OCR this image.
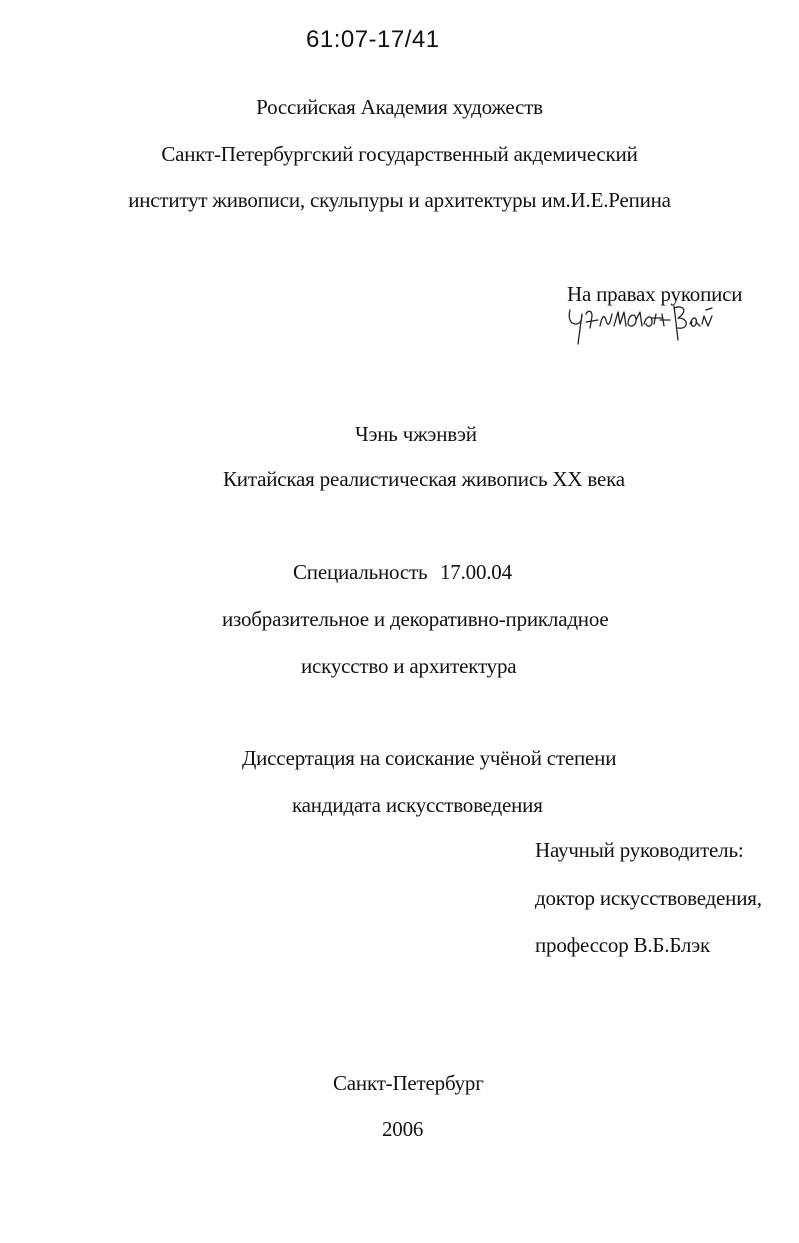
61:07-17/41
Российская Академия художеств
Санкт-Петербургский государственный акдемический
институт живописи, скульпуры и архитектуры им.И.Е.Репина
На правах рукописи
Чэнь чжэнвэй
Китайская реалистическая живопись XX века
Специальность 17.00.04
изобразительное и декоративно-прикладное
искусство и архитектура
Диссертация на соискание учёной степени
кандидата искусствоведения
Научный руководитель:
доктор искусствоведения,
профессор В.Б.Блэк
Санкт-Петербург
2006
